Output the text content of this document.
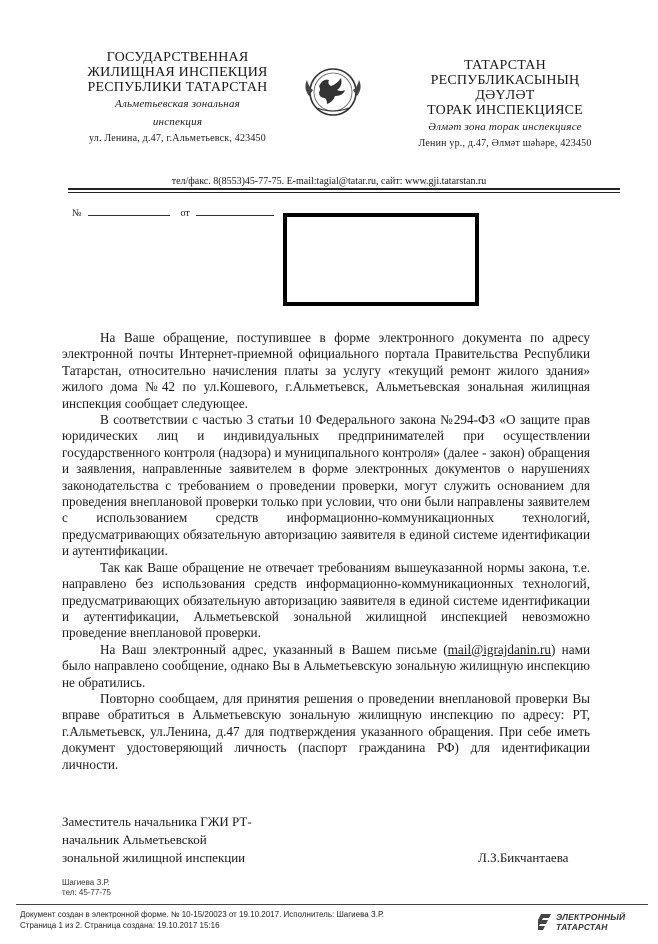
ГОСУДАРСТВЕННАЯ
ЖИЛИЩНАЯ ИНСПЕКЦИЯ
РЕСПУБЛИКИ ТАТАРСТАН
Альметьевская зональная
инспекция
ул. Ленина, д.47, г.Альметьевск, 423450
ТАТАРСТАН
РЕСПУБЛИКАСЫНЫҢ
ДӘҮЛӘТ
ТОРАК ИНСПЕКЦИЯСЕ
Әлмәт зона торак инспекциясе
Ленин ур., д.47, Әлмәт шәһәре, 423450
тел/факс. 8(8553)45-77-75. E-mail:tagial@tatar.ru, сайт: www.gji.tatarstan.ru
№	от

На Ваше обращение, поступившее в форме электронного документа по адресу электронной почты Интернет-приемной официального портала Правительства Республики Татарстан, относительно начисления платы за услугу «текущий ремонт жилого здания» жилого дома №42 по ул.Кошевого, г.Альметьевск, Альметьевская зональная жилищная инспекция сообщает следующее.

В соответствии с частью 3 статьи 10 Федерального закона №294-ФЗ «О защите прав юридических лиц и индивидуальных предпринимателей при осуществлении государственного контроля (надзора) и муниципального контроля» (далее - закон) обращения и заявления, направленные заявителем в форме электронных документов о нарушениях законодательства с требованием о проведении проверки, могут служить основанием для проведения внеплановой проверки только при условии, что они были направлены заявителем с использованием средств информационно-коммуникационных технологий, предусматривающих обязательную авторизацию заявителя в единой системе идентификации и аутентификации.

Так как Ваше обращение не отвечает требованиям вышеуказанной нормы закона, т.е. направлено без использования средств информационно-коммуникационных технологий, предусматривающих обязательную авторизацию заявителя в единой системе идентификации и аутентификации, Альметьевской зональной жилищной инспекцией невозможно проведение внеплановой проверки.

На Ваш электронный адрес, указанный в Вашем письме (mail@igrajdanin.ru) нами было направлено сообщение, однако Вы в Альметьевскую зональную жилищную инспекцию не обратились.

Повторно сообщаем, для принятия решения о проведении внеплановой проверки Вы вправе обратиться в Альметьевскую зональную жилищную инспекцию по адресу: РТ, г.Альметьевск, ул.Ленина, д.47 для подтверждения указанного обращения. При себе иметь документ удостоверяющий личность (паспорт гражданина РФ) для идентификации личности.

Заместитель начальника ГЖИ РТ-
начальник Альметьевской
зональной жилищной инспекции	Л.З.Бикчантаева
Шагиева З.Р.
тел: 45-77-75
Документ создан в электронной форме. № 10-15/20023 от 19.10.2017. Исполнитель: Шагиева З.Р.
Страница 1 из 2. Страница создана: 19.10.2017 15:16
ЭЛЕКТРОННЫЙ
ТАТАРСТАН
